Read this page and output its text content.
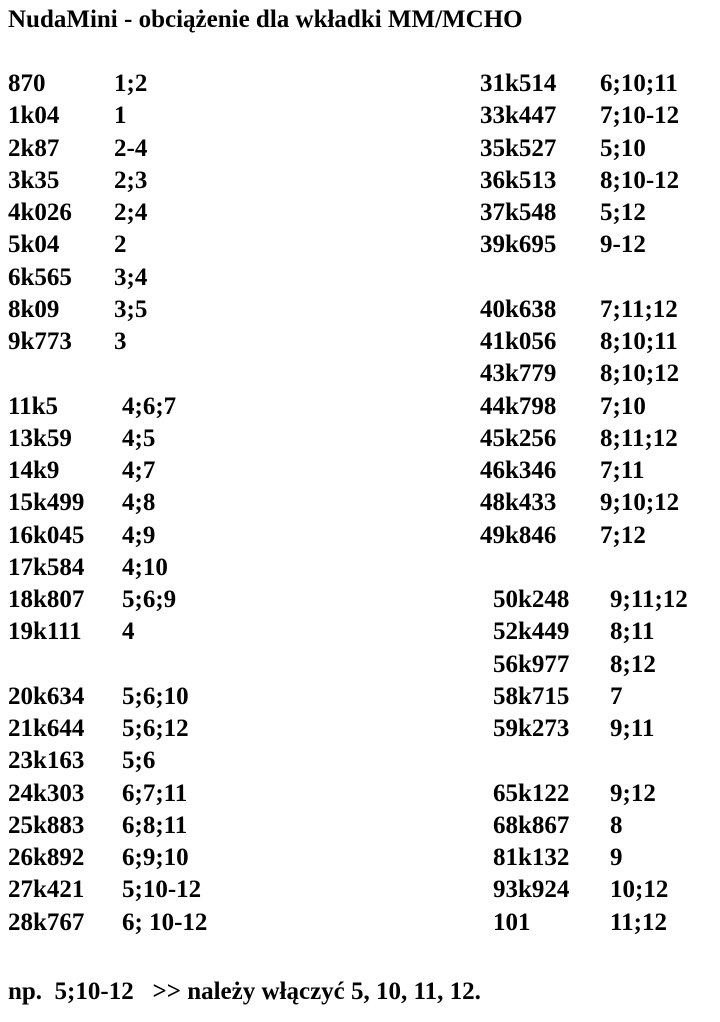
NudaMini - obciążenie dla wkładki MM/MCHO
870	1;2
1k04 1
2k87 2-4
3k35 2;3
4k026 2;4
5k04 2
6k565 3;4
8k09 3;5
9k773 3
11k5	4;6;7
13k59 4;5
14k9	4;7
15k499 4;8
16k045 4;9
17k584 4;10
18k807 5;6;9
19k111 4
20k634 5;6;10
21k644 5;6;12
23k163 5;6
24k303 6;7;11
25k883 6;8;11
26k892 6;9;10
27k421 5;10-12
28k767 6; 10-12
31k514 6;10;11
33k447 7;10-12
35k527 5;10
36k513 8;10-12
37k548 5;12
39k695 9-12
40k638 7;11;12
41k056 8;10;11
43k779 8;10;12
44k798 7;10
45k256 8;11;12
46k346 7;11
48k433 9;10;12
49k846 7;12
50k248 9;11;12
52k449 8;11
56k977 8;12
58k715 7
59k273 9;11
65k122 9;12
68k867 8
81k132 9
93k924 10;12
101	11;12
np.  5;10-12   >> należy włączyć 5, 10, 11, 12.
